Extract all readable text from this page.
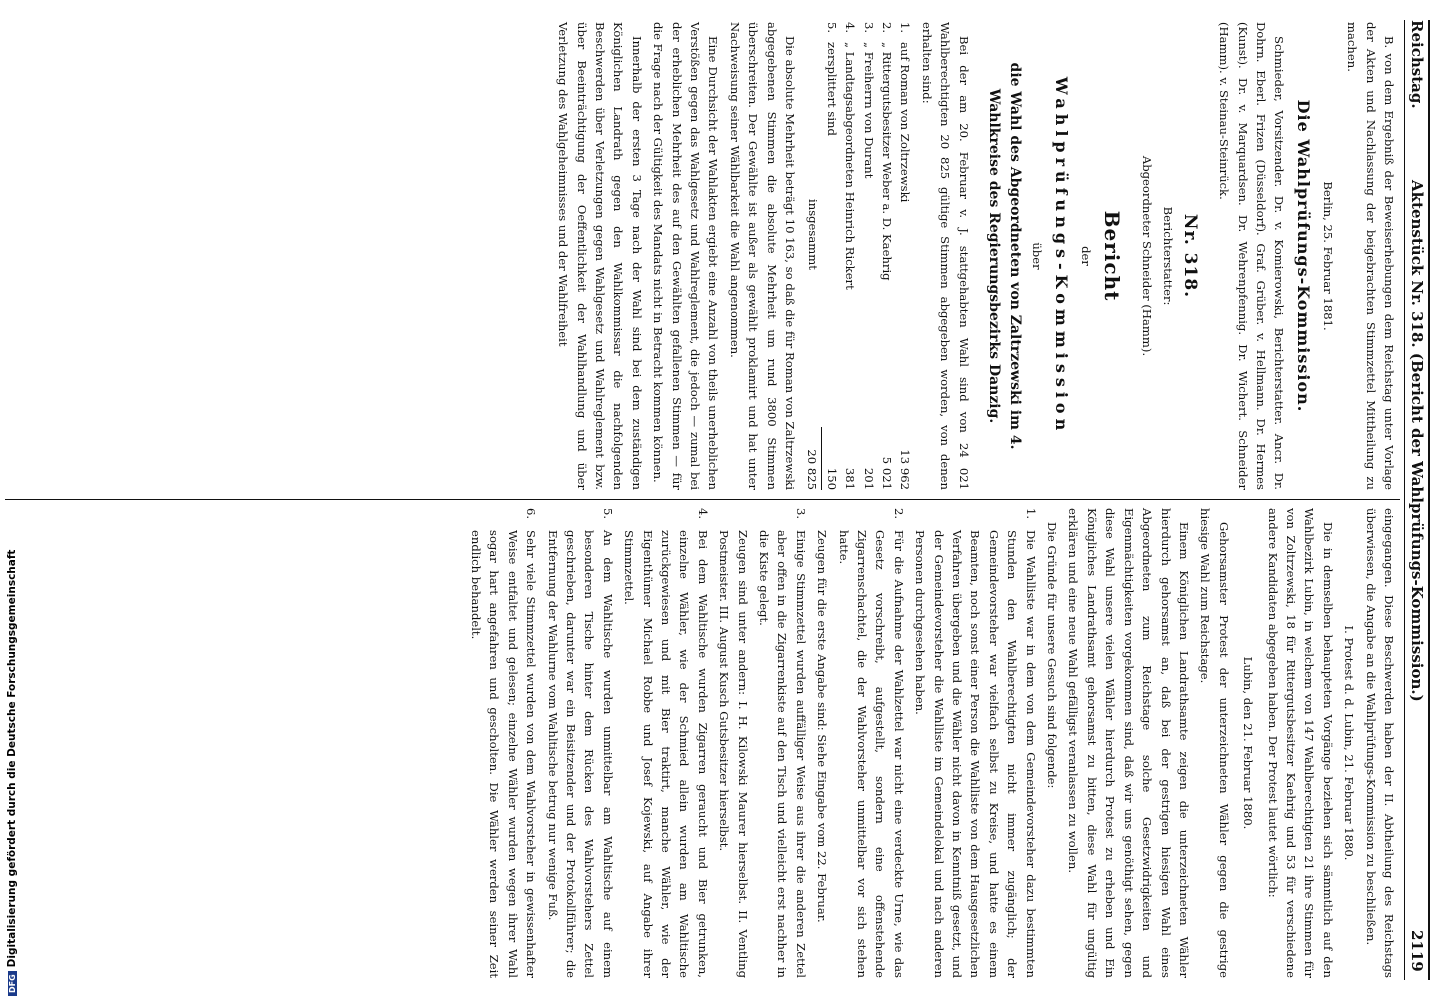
Reichstag.
Aktenstück Nr. 318. (Bericht der Wahlprüfungs-Kommission.)
2119

B. von dem Ergebniß der Beweiserhebungen dem Reichstag unter Vorlage der Akten und Nachlassung der beigebrachten Stimmzettel Mittheilung zu machen.

Berlin, 25. Februar 1881.

Die Wahlprüfungs-Kommission.

Schmieder, Vorsitzender. Dr. v. Komierowski, Berichterstatter. Ancr. Dr. Dohrn. Eberl. Frizen (Düsseldorf). Graf. Grüber. v. Hellmann. Dr. Hermes (Kunst). Dr. v. Marquardsen. Dr. Wehrenpfennig. Dr. Wichert. Schneider (Hamm). v. Steinau-Steinrück.

Nr. 318.

Berichterstatter:

Abgeordneter Schneider (Hamm).

Bericht

der

Wahlprüfungs-Kommission

über

die Wahl des Abgeordneten von Zaltrzewski im 4. Wahlkreise des Regierungsbezirks Danzig.

Bei der am 20. Februar v. J. stattgehabten Wahl sind von 24 021 Wahlberechtigten 20 825 gültige Stimmen abgegeben worden, von denen erhalten sind:

1.	auf Roman von Zoltrzewski	13 962
2.	„ Rittergutsbesitzer Weber a. D. Kaehrig	5 021
3.	„ Freiherrn von Durant	201
4.	„ Landtagsabgeordneten Heinrich Rickert	381
5.	zersplittert sind	150
	insgesammt	20 825

Die absolute Mehrheit beträgt 10 163, so daß die für Roman von Zaltrzewski abgegebenen Stimmen die absolute Mehrheit um rund 3800 Stimmen überschreiten. Der Gewählte ist außer als gewählt proklamirt und hat unter Nachweisung seiner Wählbarkeit die Wahl angenommen.

Eine Durchsicht der Wahlakten ergiebt eine Anzahl von theils unerheblichen Verstößen gegen das Wahlgesetz und Wahlreglement, die jedoch — zumal bei der erheblichen Mehrheit des auf den Gewählten gefallenen Stimmen — für die Frage nach der Gültigkeit des Mandats nicht in Betracht kommen können.

Innerhalb der ersten 3 Tage nach der Wahl sind bei dem zuständigen Königlichen Landrath gegen den Wahlkommissar die nachfolgenden Beschwerden über Verletzungen gegen Wahlgesetz und Wahlreglement bzw. über Beeinträchtigung der Oeffentlichkeit der Wahlhandlung und über Verletzung des Wahlgeheimnisses und der Wahlfreiheit

eingegangen. Diese Beschwerden haben der II. Abtheilung des Reichstags überwiesen, die Angabe an die Wahlprüfungs-Kommission zu beschließen.

I. Protest d. d. Lubin, 21. Februar 1880.

Die in demselben behaupteten Vorgänge beziehen sich sämmtlich auf den Wahlbezirk Lubin, in welchem von 147 Wahlberechtigten 21 ihre Stimmen für von Zoltrzewski, 18 für Rittergutsbesitzer Kaehrig und 53 für verschiedene andere Kandidaten abgegeben haben. Der Protest lautet wörtlich:

Lubin, den 21. Februar 1880.

Gehorsamster Protest der unterzeichneten Wähler gegen die gestrige hiesige Wahl zum Reichstage.

Einem Königlichen Landrathsamte zeigen die unterzeichneten Wähler hierdurch gehorsamst an, daß bei der gestrigen hiesigen Wahl eines Abgeordneten zum Reichstage solche Gesetzwidrigkeiten und Eigenmächtigkeiten vorgekommen sind, daß wir uns genöthigt sehen, gegen diese Wahl unsere vielen Wähler hierdurch Protest zu erheben und Ein Königliches Landrathsamt gehorsamst zu bitten, diese Wahl für ungültig erklären und eine neue Wahl gefälligst veranlassen zu wollen.

Die Gründe für unsere Gesuch sind folgende:

1.
Die Wahlliste war in dem von dem Gemeindevorsteher dazu bestimmten Stunden den Wahlberechtigten nicht immer zugänglich; der Gemeindevorsteher war vielfach selbst zu Kreise, und hatte es einem Beamten, noch sonst einer Person die Wahlliste von dem Hausgesetzlichen Verfahren übergeben und die Wähler nicht davon in Kenntniß gesetzt, und der Gemeindevorsteher die Wahlliste im Gemeindelokal und nach anderen Personen durchgesehen haben.

2.
Für die Aufnahme der Wahlzettel war nicht eine verdeckte Urne, wie das Gesetz vorschreibt, aufgestellt, sondern eine offenstehende Zigarrenschachtel, die der Wahlvorsteher unmittelbar vor sich stehen hatte.

Zeugen für die erste Angabe sind: Siehe Eingabe vom 22. Februar.

3.
Einige Stimmzettel wurden auffälliger Weise aus ihrer die anderen Zettel aber offen in die Zigarrenkiste auf den Tisch und vielleicht erst nachher in die Kiste gelegt.

Zeugen sind unter andern: I. H. Kilowski Maurer hierselbst. II. Ventling Postmeister. III. August Kusch Gutsbesitzer hierselbst.

4.
Bei dem Wahltische wurden Zigarren geraucht und Bier getrunken, einzelne Wähler, wie der Schmied allein wurden am Wahltische zurückgewiesen und mit Bier traktirt, manche Wähler, wie der Eigenthümer Michael Robbe und Josef Kojewski, auf Angabe ihrer Stimmzettel.

5.
An dem Wahltische wurden unmittelbar am Wahltische auf einem besonderen Tische hinter dem Rücken des Wahlvorstehers Zettel geschrieben, darunter war ein Beisitzender und der Protokollführer; die Entfernung der Wahlurne vom Wahltische betrug nur wenige Fuß.

6.
Sehr viele Stimmzettel wurden von dem Wahlvorsteher in gewissenhafter Weise entfaltet und gelesen; einzelne Wähler wurden wegen ihrer Wahl sogar hart angefahren und gescholten. Die Wähler werden seiner Zeit endlich behandelt.

DFGDigitalisierung gefördert durch die Deutsche Forschungsgemeinschaft
